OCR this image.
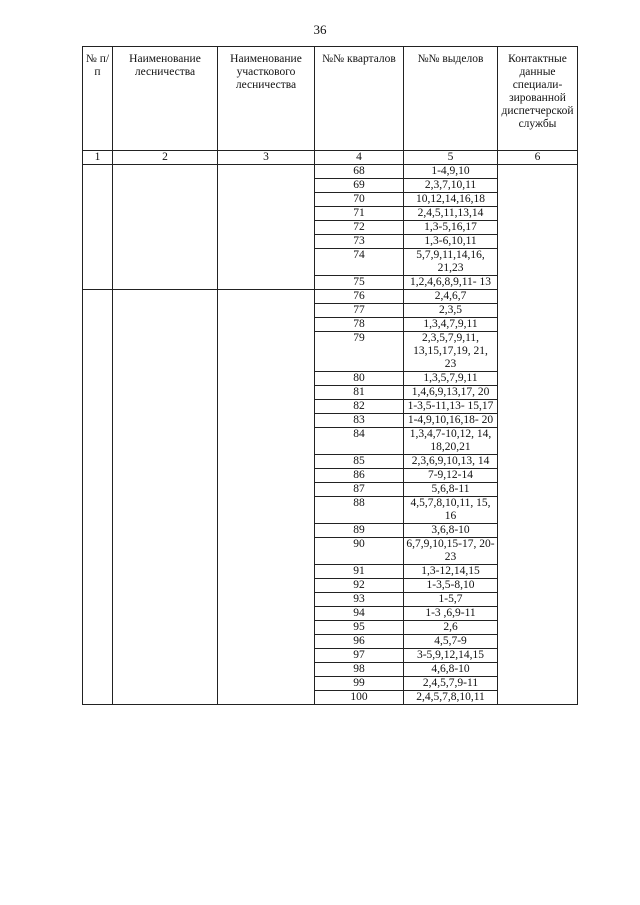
36
№ п/п	Наименование лесничества	Наименование участкового лесничества	№№ кварталов	№№ выделов	Контактные данные специали-зированной диспетчерской службы
1	2	3	4	5	6
			68	1-4,9,10	
			69	2,3,7,10,11	
			70	10,12,14,16,18	
			71	2,4,5,11,13,14	
			72	1,3-5,16,17	
			73	1,3-6,10,11	
			74	5,7,9,11,14,16, 21,23	
			75	1,2,4,6,8,9,11- 13	
			76	2,4,6,7	
			77	2,3,5	
			78	1,3,4,7,9,11	
			79	2,3,5,7,9,11, 13,15,17,19, 21, 23	
			80	1,3,5,7,9,11	
			81	1,4,6,9,13,17, 20	
			82	1-3,5-11,13- 15,17	
			83	1-4,9,10,16,18- 20	
			84	1,3,4,7-10,12, 14, 18,20,21	
			85	2,3,6,9,10,13, 14	
			86	7-9,12-14	
			87	5,6,8-11	
			88	4,5,7,8,10,11, 15, 16	
			89	3,6,8-10	
			90	6,7,9,10,15-17, 20-23	
			91	1,3-12,14,15	
			92	1-3,5-8,10	
			93	1-5,7	
			94	1-3 ,6,9-11	
			95	2,6	
			96	4,5,7-9	
			97	3-5,9,12,14,15	
			98	4,6,8-10	
			99	2,4,5,7,9-11	
			100	2,4,5,7,8,10,11	
